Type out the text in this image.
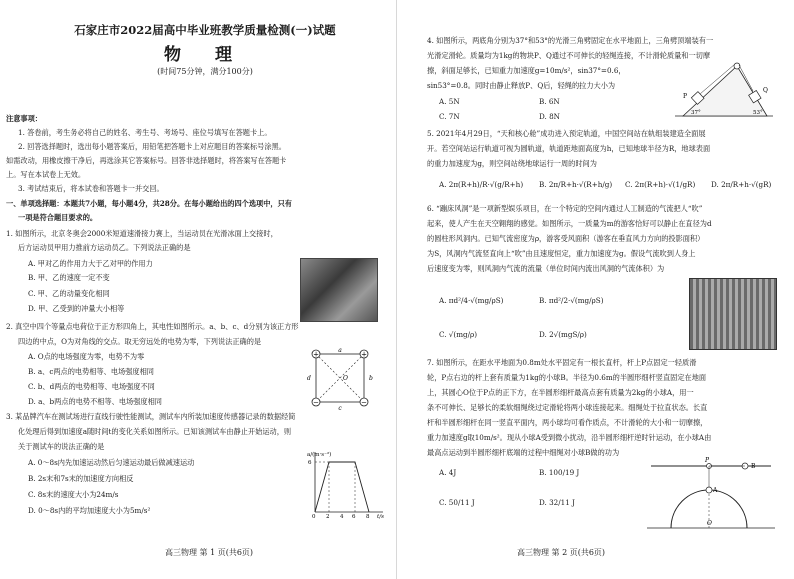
石家庄市2022届高中毕业班教学质量检测(一)试题
物 理
(时间75分钟，满分100分)
注意事项：
1. 答卷前，考生务必将自己的姓名、考生号、考场号、座位号填写在答题卡上。
2. 回答选择题时，选出每小题答案后，用铅笔把答题卡上对应题目的答案标号涂黑。
如需改动，用橡皮擦干净后，再选涂其它答案标号。回答非选择题时，将答案写在答题卡
上。写在本试卷上无效。
3. 考试结束后，将本试卷和答题卡一并交回。
一、单项选择题：本题共7小题，每小题4分，共28分。在每小题给出的四个选项中，只有
一项是符合题目要求的。
1. 如图所示，北京冬奥会2000米短道速滑接力赛上，当运动员在光滑冰面上交接时，
后方运动员甲用力推前方运动员乙。下列说法正确的是
A. 甲对乙的作用力大于乙对甲的作用力
B. 甲、乙的速度一定不变
C. 甲、乙的动量变化相同
D. 甲、乙受到的冲量大小相等
2. 真空中四个等量点电荷位于正方形四角上，其电性如图所示。a、b、c、d分别为该正方形
四边的中点，O为对角线的交点。取无穷远处的电势为零，下列说法正确的是
A. O点的电场强度为零，电势不为零
B. a、c两点的电势相等、电场强度相同
C. b、d两点的电势相等、电场强度不同
D. a、b两点的电势不相等、电场强度相同
+	+
−	−
a
b
c
d	O
3. 某品牌汽车在测试场进行直线行驶性能测试，测试车内所装加速度传感器记录的数据经简
化处理后得到加速度a随时间t的变化关系如图所示。已知该测试车由静止开始运动，则
关于测试车的说法正确的是
A. 0～8s内先加速运动然后匀速运动最后做减速运动
B. 2s末和7s末的加速度方向相反
C. 8s末的速度大小为24m/s
D. 0～8s内的平均加速度大小为5m/s²
a/(m·s⁻²)
6
0 2 4 6 8 t/s
高三物理 第 1 页(共6页)
4. 如图所示，两底角分别为37°和53°的光滑三角劈固定在水平地面上，三角劈顶端装有一
光滑定滑轮。质量均为1kg的物块P、Q通过不可伸长的轻绳连接，不计滑轮质量和一切摩
擦，斜面足够长，已知重力加速度g=10m/s²，sin37°=0.6，
sin53°=0.8。同时由静止释放P、Q后，轻绳的拉力大小为
A. 5N	B. 6N
C. 7N	D. 8N
P
Q
37°	53°
5. 2021年4月29日，“天和核心舱”成功进入预定轨道，中国空间站在轨组装建造全面展
开。若空间站运行轨道可视为圆轨道，轨道距地面高度为h，已知地球半径为R，地球表面
的重力加速度为g，则空间站绕地球运行一周的时间为
A. 2π(R+h)/R·√(g/R+h) B. 2π/R+h·√(R+h/g) C. 2π(R+h)·√(1/gR) D. 2π/R+h·√(gR)
6. “蹦床风洞”是一项新型娱乐项目，在一个特定的空间内通过人工制造的气流把人“吹”
起来，使人产生在天空翱翔的感觉。如图所示，一质量为m的游客恰好可以静止在直径为d
的圆柱形风洞内。已知气流密度为ρ，游客受风面积（游客在垂直风力方向的投影面积）
为S，风洞内气流竖直向上“吹”由且速度恒定，重力加速度为g。假设气流吹到人身上
后速度变为零，则风洞内气流的流量（单位时间内流出风洞的气流体积）为
A. πd²/4·√(mg/ρS)	B. πd²/2·√(mg/ρS)
C. √(mg/ρ)	D. 2√(mgS/ρ)
7. 如图所示，在距水平地面为0.8m处水平固定有一根长直杆，杆上P点固定一轻质滑
轮，P点右边的杆上套有质量为1kg的小球B。半径为0.6m的半圆形细杆竖直固定在地面
上，其圆心O位于P点的正下方，在半圆形细杆最高点套有质量为2kg的小球A，用一
条不可伸长、足够长的柔软细绳绕过定滑轮将两小球连接起来。细绳处于拉直状态。长直
杆和半圆形细杆在同一竖直平面内，两小球均可看作质点，不计滑轮的大小和一切摩擦，
重力加速度g取10m/s²。现从小球A受到微小扰动，沿半圆形细杆逆时针运动，在小球A由
最高点运动到半圆形细杆底端的过程中细绳对小球B做的功为
A. 4J	B. 100/19 J
C. 50/11 J	D. 32/11 J
P
B
A
O
高三物理 第 2 页(共6页)
